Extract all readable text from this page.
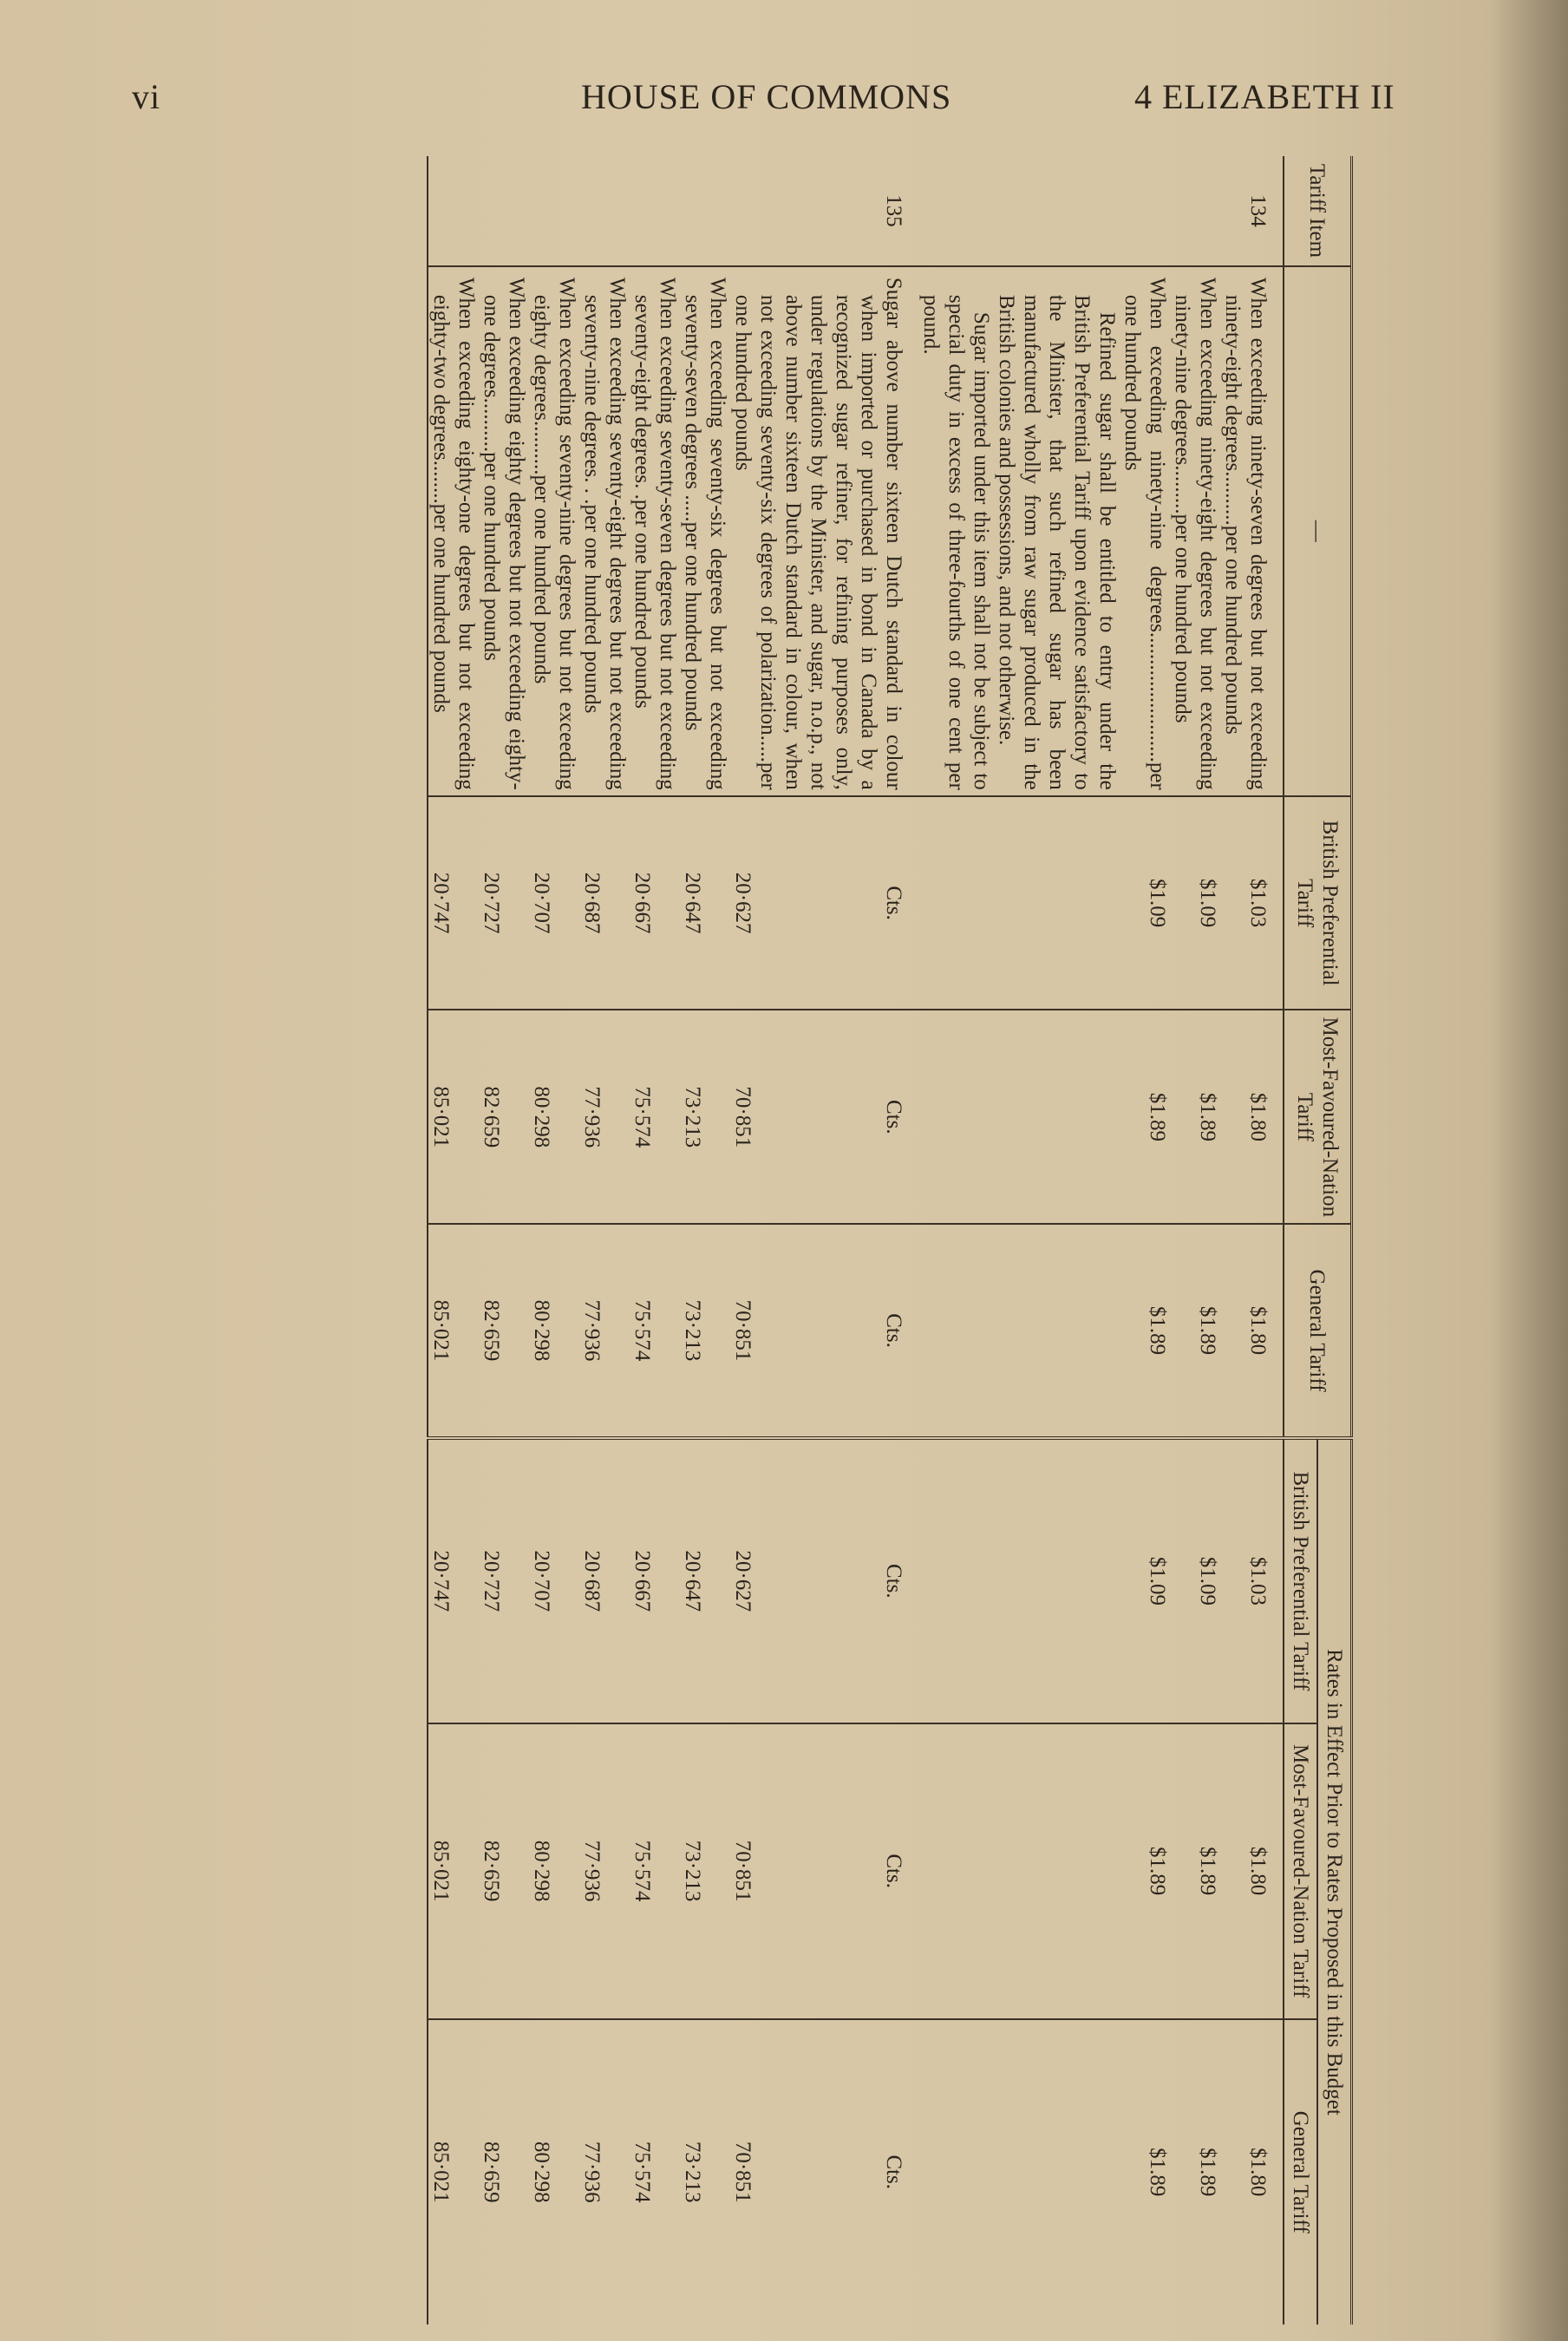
vi	HOUSE OF COMMONS	4 ELIZABETH II
Tariff Item	—	British Preferential Tariff	Most-Favoured-Nation Tariff	General Tariff	Rates in Effect Prior to Rates Proposed in this Budget		
					British Preferential Tariff	Most-Favoured-Nation Tariff	General Tariff

134	When exceeding ninety-seven degrees but not exceeding ninety-eight degrees..........per one hundred pounds	$1.03	$1.80	$1.80	$1.03	$1.80	$1.80

	When exceeding ninety-eight degrees but not exceeding ninety-nine degrees.........per one hundred pounds	$1.09	$1.89	$1.89	$1.09	$1.89	$1.89

	When exceeding ninety-nine degrees........................per one hundred pounds	$1.09	$1.89	$1.89	$1.09	$1.89	$1.89

	Refined sugar shall be entitled to entry under the British Preferential Tariff upon evidence satisfactory to the Minister, that such refined sugar has been manufactured wholly from raw sugar produced in the British colonies and possessions, and not otherwise.

Sugar imported under this item shall not be subject to special duty in excess of three-fourths of one cent per pound.						

135	Sugar above number sixteen Dutch standard in colour when imported or purchased in bond in Canada by a recognized sugar refiner, for refining purposes only, under regulations by the Minister, and sugar, n.o.p., not above number sixteen Dutch standard in colour, when not exceeding seventy-six degrees of polarization.....per one hundred pounds	Cts.	Cts.	Cts.	Cts.	Cts.	Cts.
		20·627	70·851	70·851	20·627	70·851	70·851

	When exceeding seventy-six degrees but not exceeding seventy-seven degrees .....per one hundred pounds	20·647	73·213	73·213	20·647	73·213	73·213

	When exceeding seventy-seven degrees but not exceeding seventy-eight degrees. .per one hundred pounds	20·667	75·574	75·574	20·667	75·574	75·574

	When exceeding seventy-eight degrees but not exceeding seventy-nine degrees. . .per one hundred pounds	20·687	77·936	77·936	20·687	77·936	77·936

	When exceeding seventy-nine degrees but not exceeding eighty degrees..........per one hundred pounds	20·707	80·298	80·298	20·707	80·298	80·298

	When exceeding eighty degrees but not exceeding eighty-one degrees..........per one hundred pounds	20·727	82·659	82·659	20·727	82·659	82·659

	When exceeding eighty-one degrees but not exceeding eighty-two degrees........per one hundred pounds	20·747	85·021	85·021	20·747	85·021	85·021
